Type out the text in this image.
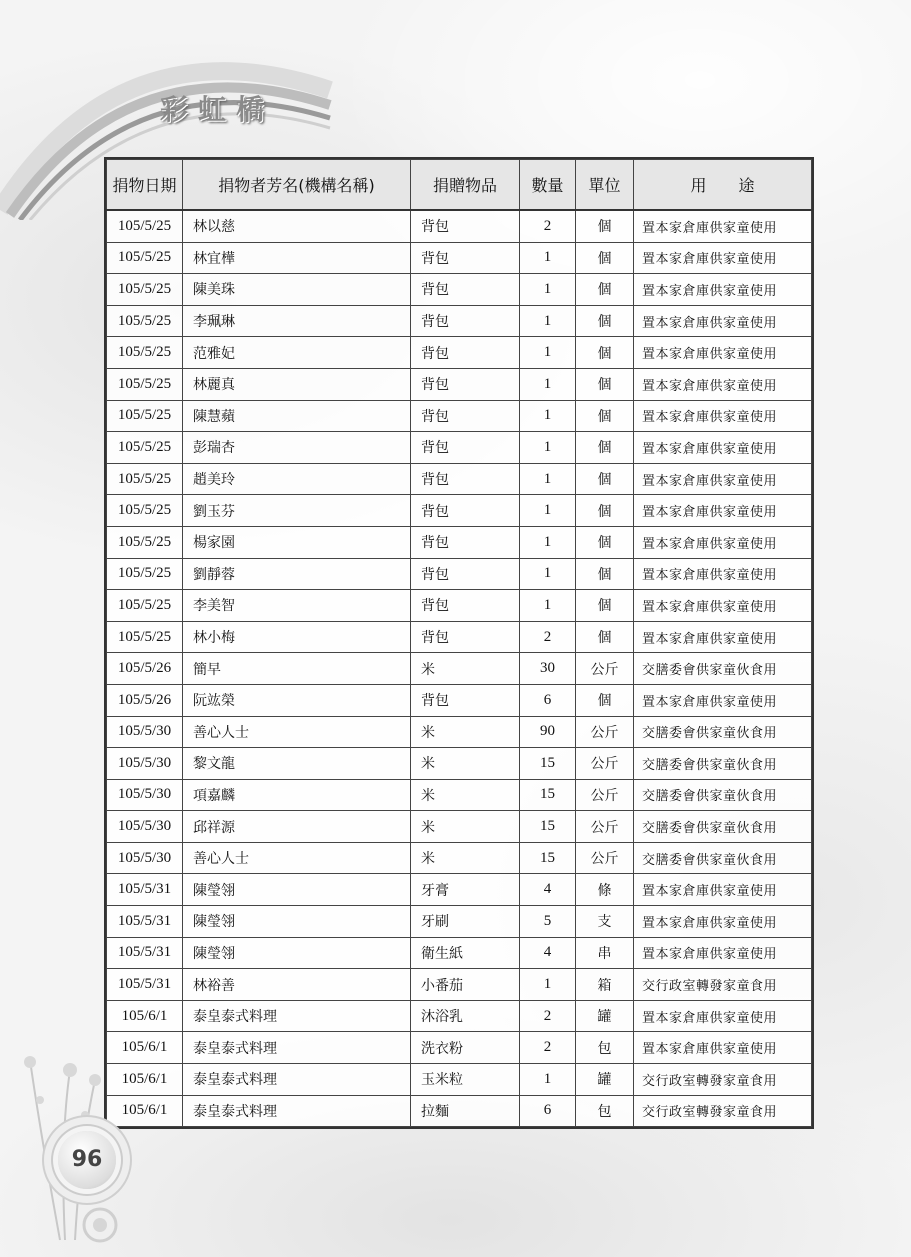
彩虹橋
捐物日期	捐物者芳名(機構名稱)	捐贈物品	數量	單位	用　　途
105/5/25	林以慈	背包	2	個	置本家倉庫供家童使用
105/5/25	林宜樺	背包	1	個	置本家倉庫供家童使用
105/5/25	陳美珠	背包	1	個	置本家倉庫供家童使用
105/5/25	李珮琳	背包	1	個	置本家倉庫供家童使用
105/5/25	范雅妃	背包	1	個	置本家倉庫供家童使用
105/5/25	林麗真	背包	1	個	置本家倉庫供家童使用
105/5/25	陳慧蘋	背包	1	個	置本家倉庫供家童使用
105/5/25	彭瑞杏	背包	1	個	置本家倉庫供家童使用
105/5/25	趙美玲	背包	1	個	置本家倉庫供家童使用
105/5/25	劉玉芬	背包	1	個	置本家倉庫供家童使用
105/5/25	楊家園	背包	1	個	置本家倉庫供家童使用
105/5/25	劉靜蓉	背包	1	個	置本家倉庫供家童使用
105/5/25	李美智	背包	1	個	置本家倉庫供家童使用
105/5/25	林小梅	背包	2	個	置本家倉庫供家童使用
105/5/26	簡早	米	30	公斤	交膳委會供家童伙食用
105/5/26	阮竑榮	背包	6	個	置本家倉庫供家童使用
105/5/30	善心人士	米	90	公斤	交膳委會供家童伙食用
105/5/30	黎文龍	米	15	公斤	交膳委會供家童伙食用
105/5/30	項嘉麟	米	15	公斤	交膳委會供家童伙食用
105/5/30	邱祥源	米	15	公斤	交膳委會供家童伙食用
105/5/30	善心人士	米	15	公斤	交膳委會供家童伙食用
105/5/31	陳瑩翎	牙膏	4	條	置本家倉庫供家童使用
105/5/31	陳瑩翎	牙刷	5	支	置本家倉庫供家童使用
105/5/31	陳瑩翎	衛生紙	4	串	置本家倉庫供家童使用
105/5/31	林裕善	小番茄	1	箱	交行政室轉發家童食用
105/6/1	泰皇泰式料理	沐浴乳	2	罐	置本家倉庫供家童使用
105/6/1	泰皇泰式料理	洗衣粉	2	包	置本家倉庫供家童使用
105/6/1	泰皇泰式料理	玉米粒	1	罐	交行政室轉發家童食用
105/6/1	泰皇泰式料理	拉麵	6	包	交行政室轉發家童食用
96
